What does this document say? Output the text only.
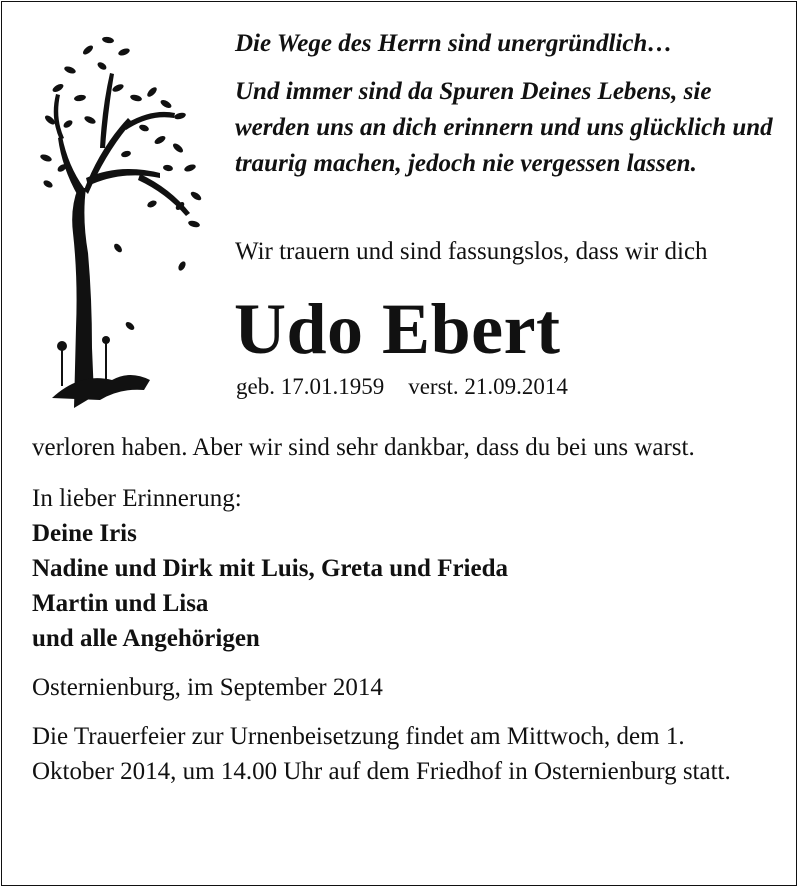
Die Wege des Herrn sind unergründlich…

Und immer sind da Spuren Deines Lebens, sie werden uns an dich erinnern und uns glücklich und traurig machen, jedoch nie vergessen lassen.

Wir trauern und sind fassungslos, dass wir dich
Udo Ebert
geb. 17.01.1959 verst. 21.09.2014

verloren haben. Aber wir sind sehr dankbar, dass du bei uns warst.

In lieber Erinnerung:

Deine Iris

Nadine und Dirk mit Luis, Greta und Frieda

Martin und Lisa

und alle Angehörigen

Osternienburg, im September 2014

Die Trauerfeier zur Urnenbeisetzung findet am Mittwoch, dem 1. Oktober 2014, um 14.00 Uhr auf dem Friedhof in Osternienburg statt.
